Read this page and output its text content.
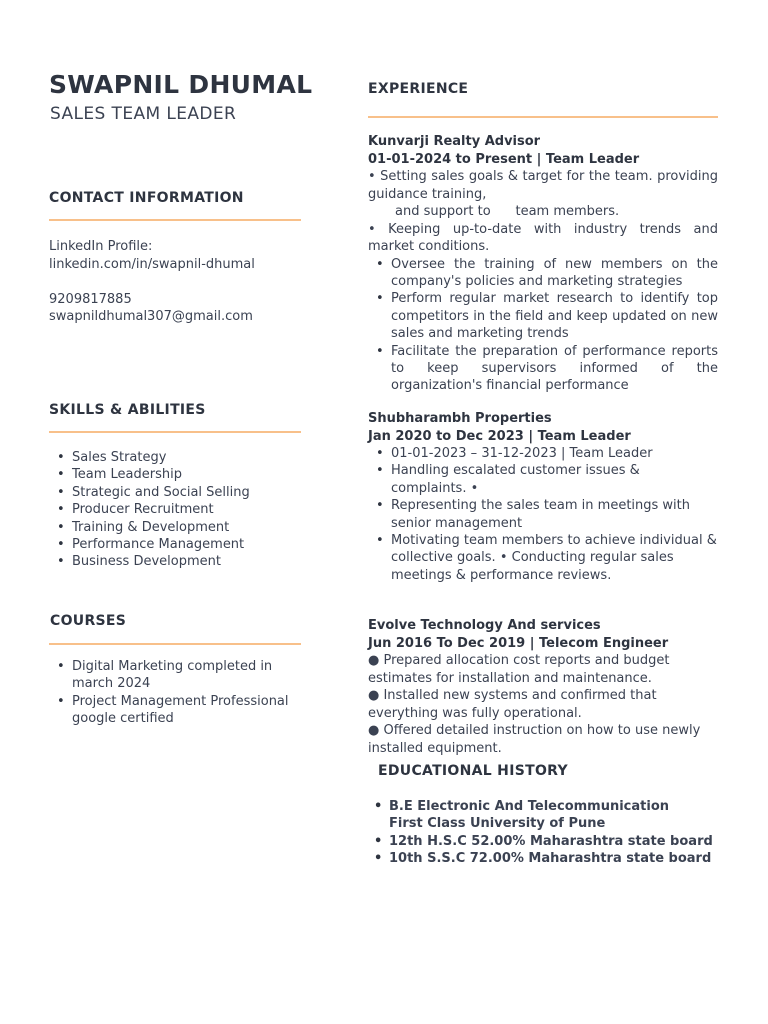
SWAPNIL DHUMAL
SALES TEAM LEADER
CONTACT INFORMATION
LinkedIn Profile:
linkedin.com/in/swapnil-dhumal
9209817885
swapnildhumal307@gmail.com
SKILLS & ABILITIES
• Sales Strategy
• Team Leadership
• Strategic and Social Selling
• Producer Recruitment
• Training & Development
• Performance Management
• Business Development
COURSES
• Digital Marketing completed in march 2024
• Project Management Professional google certified
EXPERIENCE
Kunvarji Realty Advisor
01-01-2024 to Present | Team Leader
• Setting sales goals & target for the team. providing guidance training,
and support to      team members.
• Keeping up-to-date with industry trends and market conditions.
• Oversee the training of new members on the company's policies and marketing strategies
• Perform regular market research to identify top competitors in the field and keep updated on new sales and marketing trends
• Facilitate the preparation of performance reports to keep supervisors informed of the organization's financial performance
Shubharambh Properties
Jan 2020 to Dec 2023 | Team Leader
• 01-01-2023 – 31-12-2023 | Team Leader
• Handling escalated customer issues & complaints. •
• Representing the sales team in meetings with senior management
• Motivating team members to achieve individual & collective goals. • Conducting regular sales meetings & performance reviews.
Evolve Technology And services
Jun 2016 To Dec 2019 | Telecom Engineer
● Prepared allocation cost reports and budget estimates for installation and maintenance.
● Installed new systems and confirmed that everything was fully operational.
● Offered detailed instruction on how to use newly installed equipment.
EDUCATIONAL HISTORY
• B.E Electronic And Telecommunication
First Class University of Pune
• 12th H.S.C 52.00% Maharashtra state board
• 10th S.S.C 72.00% Maharashtra state board
